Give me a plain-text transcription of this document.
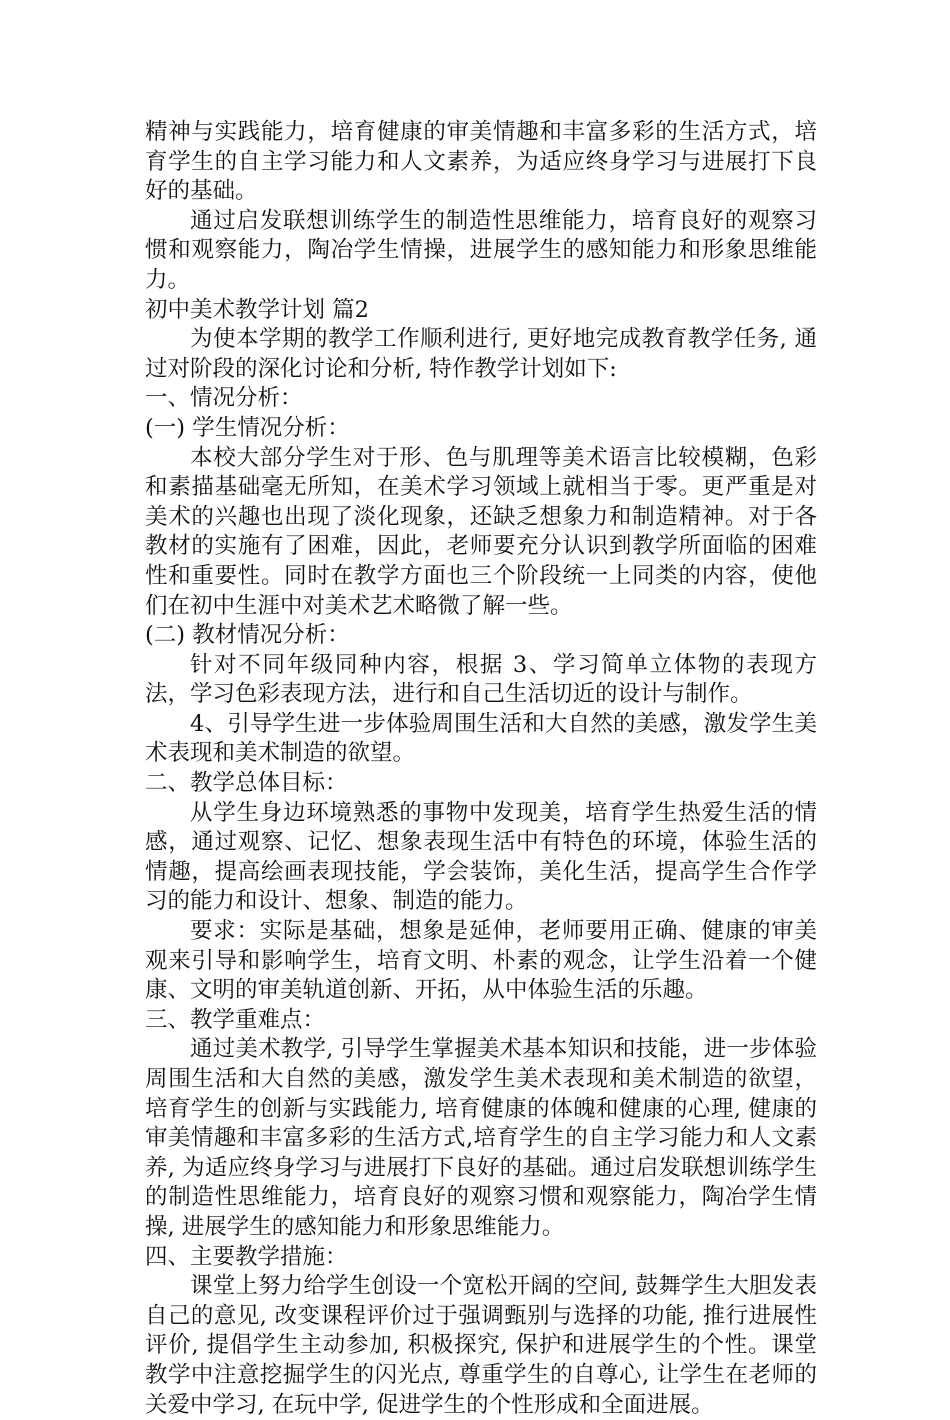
精神与实践能力，培育健康的审美情趣和丰富多彩的生活方式，培育学生的自主学习能力和人文素养，为适应终身学习与进展打下良好的基础。

通过启发联想训练学生的制造性思维能力，培育良好的观察习惯和观察能力，陶冶学生情操，进展学生的感知能力和形象思维能力。

初中美术教学计划 篇2

为使本学期的教学工作顺利进行, 更好地完成教育教学任务, 通过对阶段的深化讨论和分析, 特作教学计划如下:

一、情况分析：

(一) 学生情况分析：

本校大部分学生对于形、色与肌理等美术语言比较模糊，色彩和素描基础毫无所知，在美术学习领域上就相当于零。更严重是对美术的兴趣也出现了淡化现象，还缺乏想象力和制造精神。对于各教材的实施有了困难，因此，老师要充分认识到教学所面临的困难性和重要性。同时在教学方面也三个阶段统一上同类的内容，使他们在初中生涯中对美术艺术略微了解一些。

(二) 教材情况分析：

针对不同年级同种内容，根据 3、学习简单立体物的表现方法，学习色彩表现方法，进行和自己生活切近的设计与制作。

4、引导学生进一步体验周围生活和大自然的美感，激发学生美术表现和美术制造的欲望。

二、教学总体目标：

从学生身边环境熟悉的事物中发现美，培育学生热爱生活的情感，通过观察、记忆、想象表现生活中有特色的环境，体验生活的情趣，提高绘画表现技能，学会装饰，美化生活，提高学生合作学习的能力和设计、想象、制造的能力。

要求：实际是基础，想象是延伸，老师要用正确、健康的审美观来引导和影响学生，培育文明、朴素的观念，让学生沿着一个健康、文明的审美轨道创新、开拓，从中体验生活的乐趣。

三、教学重难点：

通过美术教学, 引导学生掌握美术基本知识和技能，进一步体验周围生活和大自然的美感，激发学生美术表现和美术制造的欲望，培育学生的创新与实践能力, 培育健康的体魄和健康的心理, 健康的审美情趣和丰富多彩的生活方式,培育学生的自主学习能力和人文素养, 为适应终身学习与进展打下良好的基础。通过启发联想训练学生的制造性思维能力，培育良好的观察习惯和观察能力，陶冶学生情操, 进展学生的感知能力和形象思维能力。

四、主要教学措施：

课堂上努力给学生创设一个宽松开阔的空间, 鼓舞学生大胆发表自己的意见, 改变课程评价过于强调甄别与选择的功能, 推行进展性评价, 提倡学生主动参加, 积极探究, 保护和进展学生的个性。课堂教学中注意挖掘学生的闪光点, 尊重学生的自尊心, 让学生在老师的关爱中学习, 在玩中学, 促进学生的个性形成和全面进展。
